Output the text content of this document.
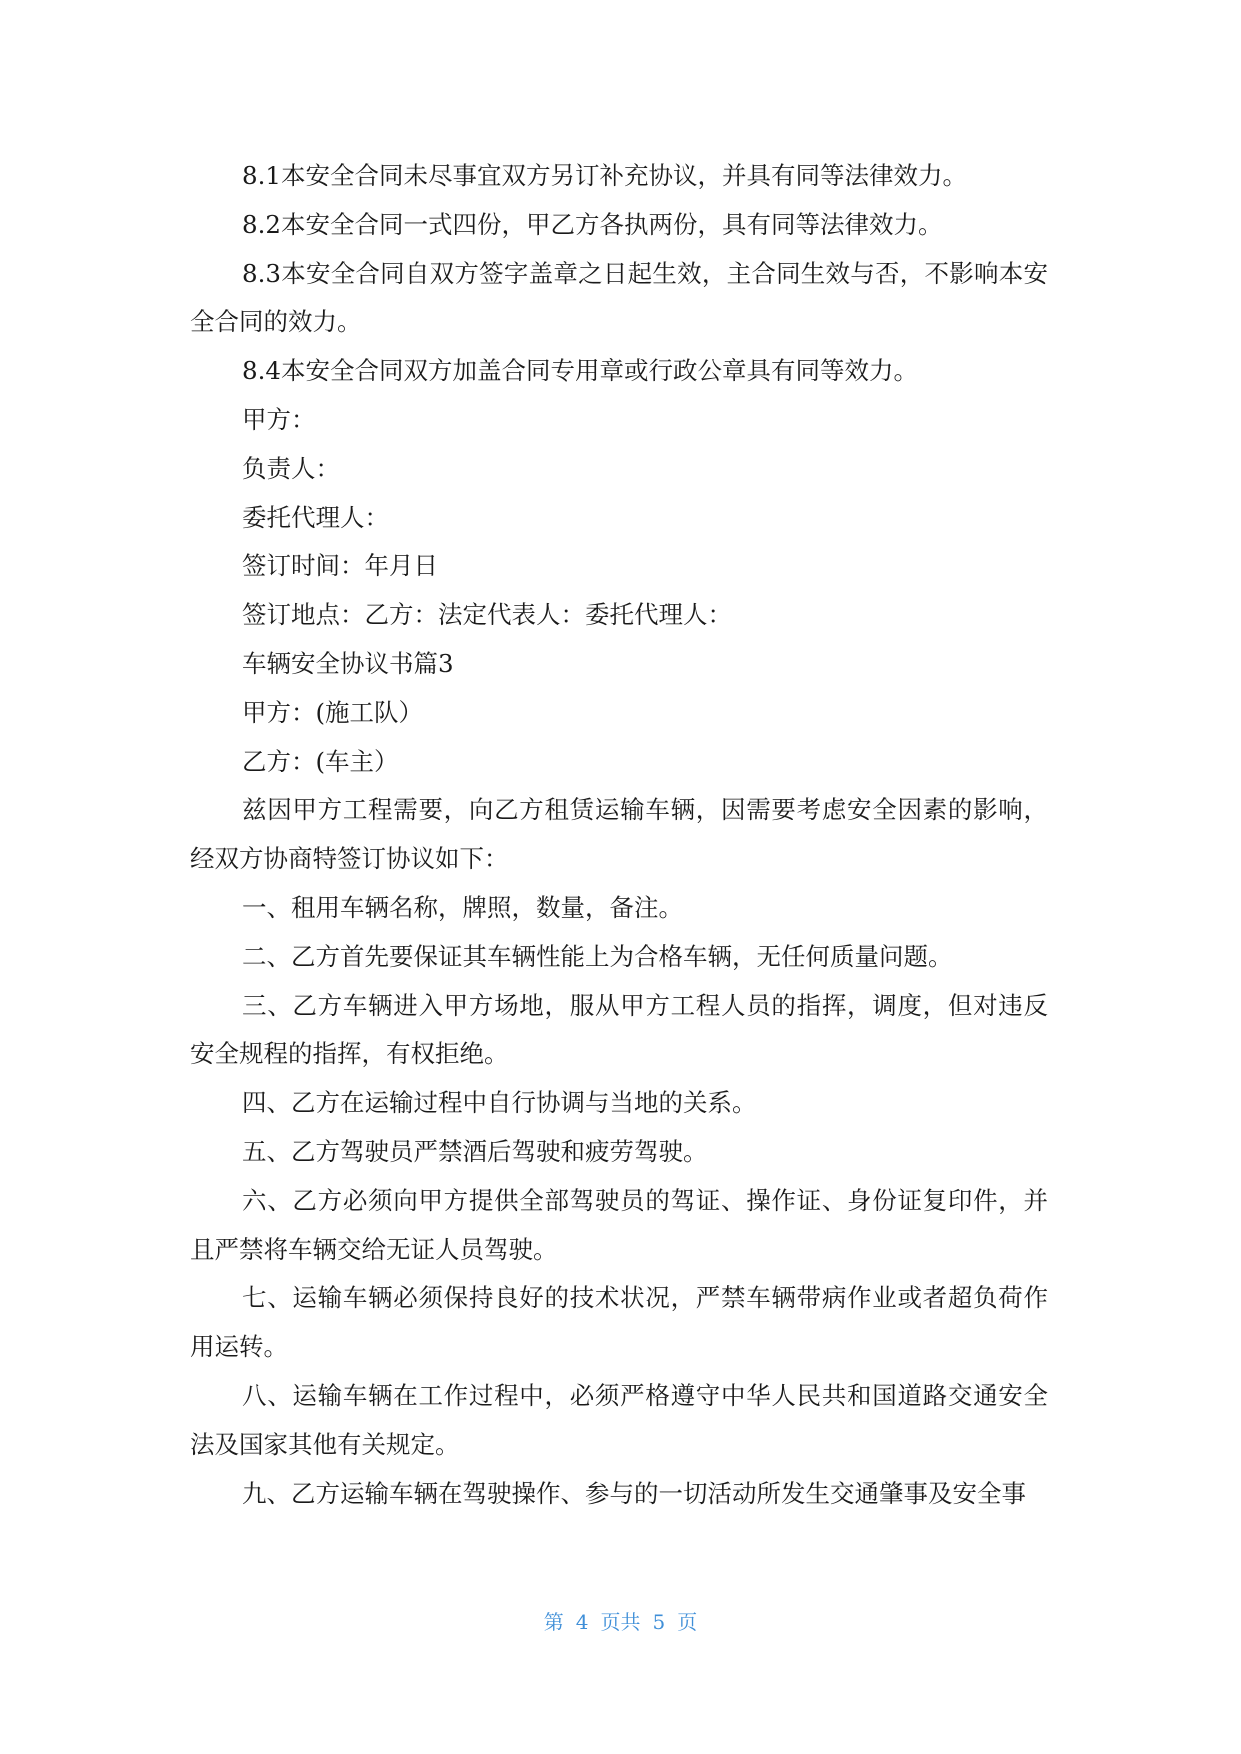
8.1本安全合同未尽事宜双方另订补充协议，并具有同等法律效力。

8.2本安全合同一式四份，甲乙方各执两份，具有同等法律效力。

8.3本安全合同自双方签字盖章之日起生效，主合同生效与否，不影响本安全合同的效力。

8.4本安全合同双方加盖合同专用章或行政公章具有同等效力。

甲方：

负责人：

委托代理人：

签订时间：年月日

签订地点：乙方：法定代表人：委托代理人：

车辆安全协议书篇3

甲方：(施工队）

乙方：(车主）

兹因甲方工程需要，向乙方租赁运输车辆，因需要考虑安全因素的影响，经双方协商特签订协议如下：

一、租用车辆名称，牌照，数量，备注。

二、乙方首先要保证其车辆性能上为合格车辆，无任何质量问题。

三、乙方车辆进入甲方场地，服从甲方工程人员的指挥，调度，但对违反安全规程的指挥，有权拒绝。

四、乙方在运输过程中自行协调与当地的关系。

五、乙方驾驶员严禁酒后驾驶和疲劳驾驶。

六、乙方必须向甲方提供全部驾驶员的驾证、操作证、身份证复印件，并且严禁将车辆交给无证人员驾驶。

七、运输车辆必须保持良好的技术状况，严禁车辆带病作业或者超负荷作用运转。

八、运输车辆在工作过程中，必须严格遵守中华人民共和国道路交通安全法及国家其他有关规定。

九、乙方运输车辆在驾驶操作、参与的一切活动所发生交通肇事及安全事

第 4 页共 5 页
